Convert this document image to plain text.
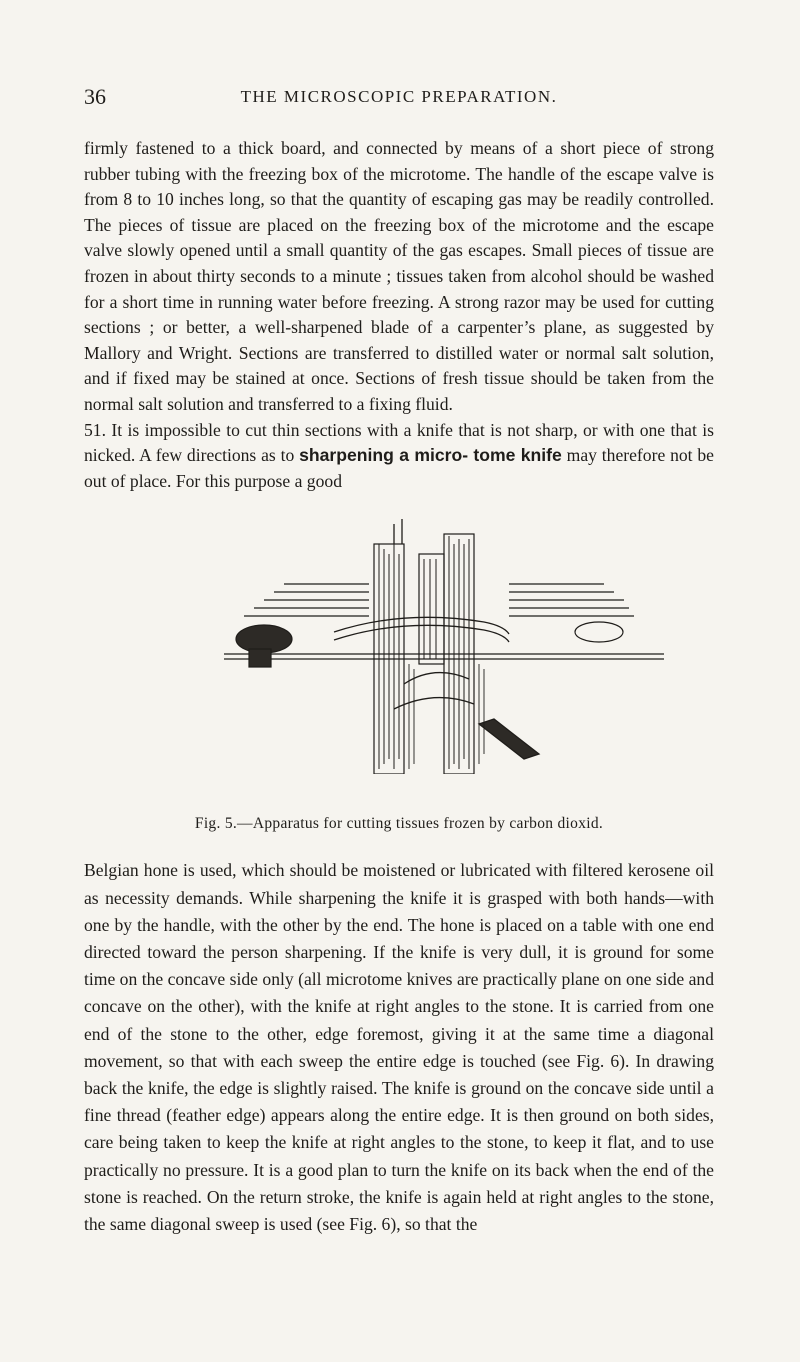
36	THE MICROSCOPIC PREPARATION.

firmly fastened to a thick board, and connected by means of a short piece of strong rubber tubing with the freezing box of the microtome. The handle of the escape valve is from 8 to 10 inches long, so that the quantity of escaping gas may be readily controlled. The pieces of tissue are placed on the freezing box of the microtome and the escape valve slowly opened until a small quantity of the gas escapes. Small pieces of tissue are frozen in about thirty seconds to a minute ; tissues taken from alcohol should be washed for a short time in running water before freezing. A strong razor may be used for cutting sections ; or better, a well-sharpened blade of a carpenter’s plane, as suggested by Mallory and Wright. Sections are transferred to distilled water or normal salt solution, and if fixed may be stained at once. Sections of fresh tissue should be taken from the normal salt solution and transferred to a fixing fluid.

51. It is impossible to cut thin sections with a knife that is not sharp, or with one that is nicked. A few directions as to sharpening a micro- tome knife may therefore not be out of place. For this purpose a good

Fig. 5.—Apparatus for cutting tissues frozen by carbon dioxid.

Belgian hone is used, which should be moistened or lubricated with filtered kerosene oil as necessity demands. While sharpening the knife it is grasped with both hands—with one by the handle, with the other by the end. The hone is placed on a table with one end directed toward the person sharpening. If the knife is very dull, it is ground for some time on the concave side only (all microtome knives are practically plane on one side and concave on the other), with the knife at right angles to the stone. It is carried from one end of the stone to the other, edge foremost, giving it at the same time a diagonal movement, so that with each sweep the entire edge is touched (see Fig. 6). In drawing back the knife, the edge is slightly raised. The knife is ground on the concave side until a fine thread (feather edge) appears along the entire edge. It is then ground on both sides, care being taken to keep the knife at right angles to the stone, to keep it flat, and to use practically no pressure. It is a good plan to turn the knife on its back when the end of the stone is reached. On the return stroke, the knife is again held at right angles to the stone, the same diagonal sweep is used (see Fig. 6), so that the
